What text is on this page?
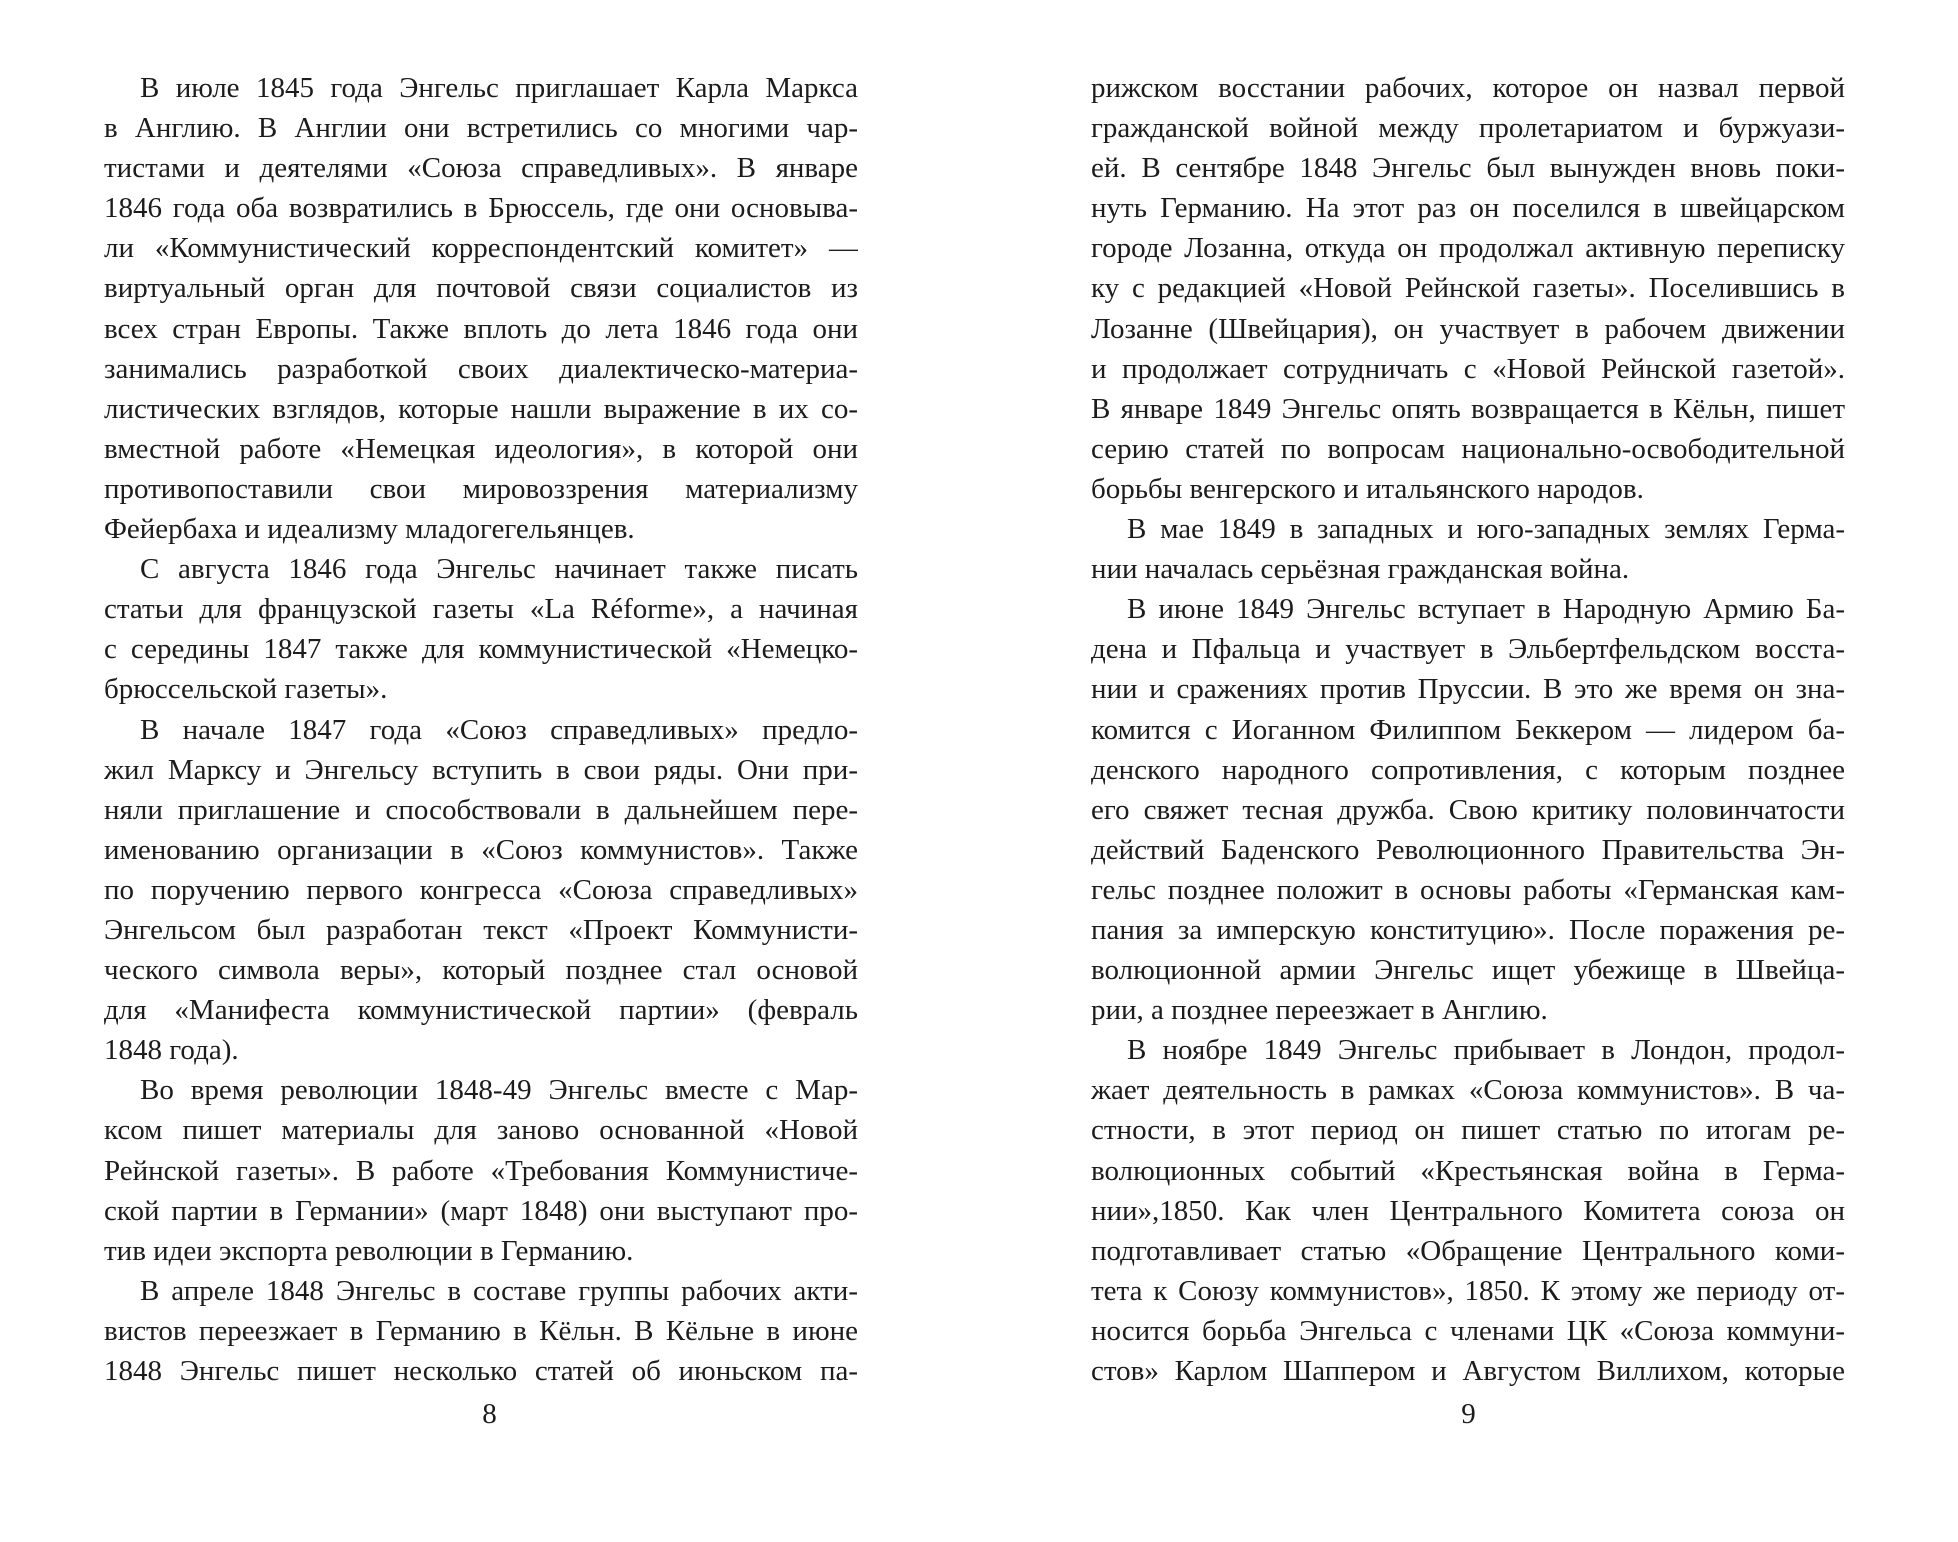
В июле 1845 года Энгельс приглашает Карла Маркса
в Англию. В Англии они встретились со многими чар-
тистами и деятелями «Союза справедливых». В январе
1846 года оба возвратились в Брюссель, где они основыва-
ли «Коммунистический корреспондентский комитет» —
виртуальный орган для почтовой связи социалистов из
всех стран Европы. Также вплоть до лета 1846 года они
занимались разработкой своих диалектическо-материа-
листических взглядов, которые нашли выражение в их со-
вместной работе «Немецкая идеология», в которой они
противопоставили свои мировоззрения материализму
Фейербаха и идеализму младогегельянцев.
С августа 1846 года Энгельс начинает также писать
статьи для французской газеты «La Réforme», а начиная
с середины 1847 также для коммунистической «Немецко-
брюссельской газеты».
В начале 1847 года «Союз справедливых» предло-
жил Марксу и Энгельсу вступить в свои ряды. Они при-
няли приглашение и способствовали в дальнейшем пере-
именованию организации в «Союз коммунистов». Также
по поручению первого конгресса «Союза справедливых»
Энгельсом был разработан текст «Проект Коммунисти-
ческого символа веры», который позднее стал основой
для «Манифеста коммунистической партии» (февраль
1848 года).
Во время революции 1848-49 Энгельс вместе с Мар-
ксом пишет материалы для заново основанной «Новой
Рейнской газеты». В работе «Требования Коммунистиче-
ской партии в Германии» (март 1848) они выступают про-
тив идеи экспорта революции в Германию.
В апреле 1848 Энгельс в составе группы рабочих акти-
вистов переезжает в Германию в Кёльн. В Кёльне в июне
1848 Энгельс пишет несколько статей об июньском па-
8
рижском восстании рабочих, которое он назвал первой
гражданской войной между пролетариатом и буржуази-
ей. В сентябре 1848 Энгельс был вынужден вновь поки-
нуть Германию. На этот раз он поселился в швейцарском
городе Лозанна, откуда он продолжал активную переписку
ку с редакцией «Новой Рейнской газеты». Поселившись в
Лозанне (Швейцария), он участвует в рабочем движении
и продолжает сотрудничать с «Новой Рейнской газетой».
В январе 1849 Энгельс опять возвращается в Кёльн, пишет
серию статей по вопросам национально-освободительной
борьбы венгерского и итальянского народов.
В мае 1849 в западных и юго-западных землях Герма-
нии началась серьёзная гражданская война.
В июне 1849 Энгельс вступает в Народную Армию Ба-
дена и Пфальца и участвует в Эльбертфельдском восста-
нии и сражениях против Пруссии. В это же время он зна-
комится с Иоганном Филиппом Беккером — лидером ба-
денского народного сопротивления, с которым позднее
его свяжет тесная дружба. Свою критику половинчатости
действий Баденского Революционного Правительства Эн-
гельс позднее положит в основы работы «Германская кам-
пания за имперскую конституцию». После поражения ре-
волюционной армии Энгельс ищет убежище в Швейца-
рии, а позднее переезжает в Англию.
В ноябре 1849 Энгельс прибывает в Лондон, продол-
жает деятельность в рамках «Союза коммунистов». В ча-
стности, в этот период он пишет статью по итогам ре-
волюционных событий «Крестьянская война в Герма-
нии»,1850. Как член Центрального Комитета союза он
подготавливает статью «Обращение Центрального коми-
тета к Союзу коммунистов», 1850. К этому же периоду от-
носится борьба Энгельса с членами ЦК «Союза коммуни-
стов» Карлом Шаппером и Августом Виллихом, которые
9
